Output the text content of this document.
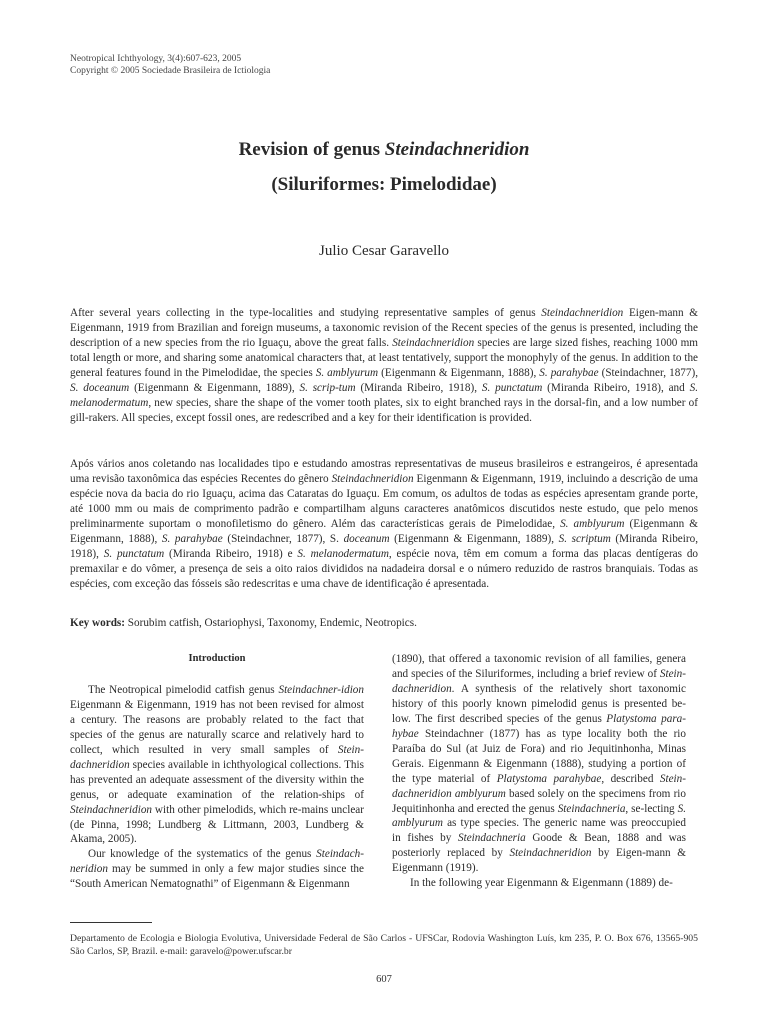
Neotropical Ichthyology, 3(4):607-623, 2005
Copyright © 2005 Sociedade Brasileira de Ictiologia
Revision of genus Steindachneridion
(Siluriformes: Pimelodidae)
Julio Cesar Garavello
After several years collecting in the type-localities and studying representative samples of genus Steindachneridion Eigen-mann & Eigenmann, 1919 from Brazilian and foreign museums, a taxonomic revision of the Recent species of the genus is presented, including the description of a new species from the rio Iguaçu, above the great falls. Steindachneridion species are large sized fishes, reaching 1000 mm total length or more, and sharing some anatomical characters that, at least tentatively, support the monophyly of the genus. In addition to the general features found in the Pimelodidae, the species S. amblyurum (Eigenmann & Eigenmann, 1888), S. parahybae (Steindachner, 1877), S. doceanum (Eigenmann & Eigenmann, 1889), S. scrip-tum (Miranda Ribeiro, 1918), S. punctatum (Miranda Ribeiro, 1918), and S. melanodermatum, new species, share the shape of the vomer tooth plates, six to eight branched rays in the dorsal-fin, and a low number of gill-rakers. All species, except fossil ones, are redescribed and a key for their identification is provided.
Após vários anos coletando nas localidades tipo e estudando amostras representativas de museus brasileiros e estrangeiros, é apresentada uma revisão taxonômica das espécies Recentes do gênero Steindachneridion Eigenmann & Eigenmann, 1919, incluindo a descrição de uma espécie nova da bacia do rio Iguaçu, acima das Cataratas do Iguaçu. Em comum, os adultos de todas as espécies apresentam grande porte, até 1000 mm ou mais de comprimento padrão e compartilham alguns caracteres anatômicos discutidos neste estudo, que pelo menos preliminarmente suportam o monofiletismo do gênero. Além das características gerais de Pimelodidae, S. amblyurum (Eigenmann & Eigenmann, 1888), S. parahybae (Steindachner, 1877), S. doceanum (Eigenmann & Eigenmann, 1889), S. scriptum (Miranda Ribeiro, 1918), S. punctatum (Miranda Ribeiro, 1918) e S. melanodermatum, espécie nova, têm em comum a forma das placas dentígeras do premaxilar e do vômer, a presença de seis a oito raios divididos na nadadeira dorsal e o número reduzido de rastros branquiais. Todas as espécies, com exceção das fósseis são redescritas e uma chave de identificação é apresentada.
Key words: Sorubim catfish, Ostariophysi, Taxonomy, Endemic, Neotropics.
Introduction

The Neotropical pimelodid catfish genus Steindachner-idion Eigenmann & Eigenmann, 1919 has not been revised for almost a century. The reasons are probably related to the fact that species of the genus are naturally scarce and relatively hard to collect, which resulted in very small samples of Stein-dachneridion species available in ichthyological collections. This has prevented an adequate assessment of the diversity within the genus, or adequate examination of the relation-ships of Steindachneridion with other pimelodids, which re-mains unclear (de Pinna, 1998; Lundberg & Littmann, 2003, Lundberg & Akama, 2005).

Our knowledge of the systematics of the genus Steindach-neridion may be summed in only a few major studies since the “South American Nematognathi” of Eigenmann & Eigenmann

(1890), that offered a taxonomic revision of all families, genera and species of the Siluriformes, including a brief review of Stein-dachneridion. A synthesis of the relatively short taxonomic history of this poorly known pimelodid genus is presented be-low. The first described species of the genus Platystoma para-hybae Steindachner (1877) has as type locality both the rio Paraíba do Sul (at Juiz de Fora) and rio Jequitinhonha, Minas Gerais. Eigenmann & Eigenmann (1888), studying a portion of the type material of Platystoma parahybae, described Stein-dachneridion amblyurum based solely on the specimens from rio Jequitinhonha and erected the genus Steindachneria, se-lecting S. amblyurum as type species. The generic name was preoccupied in fishes by Steindachneria Goode & Bean, 1888 and was posteriorly replaced by Steindachneridion by Eigen-mann & Eigenmann (1919).

In the following year Eigenmann & Eigenmann (1889) de-

Departamento de Ecologia e Biologia Evolutiva, Universidade Federal de São Carlos - UFSCar, Rodovia Washington Luís, km 235, P. O. Box 676, 13565-905 São Carlos, SP, Brazil. e-mail: garavelo@power.ufscar.br
607
